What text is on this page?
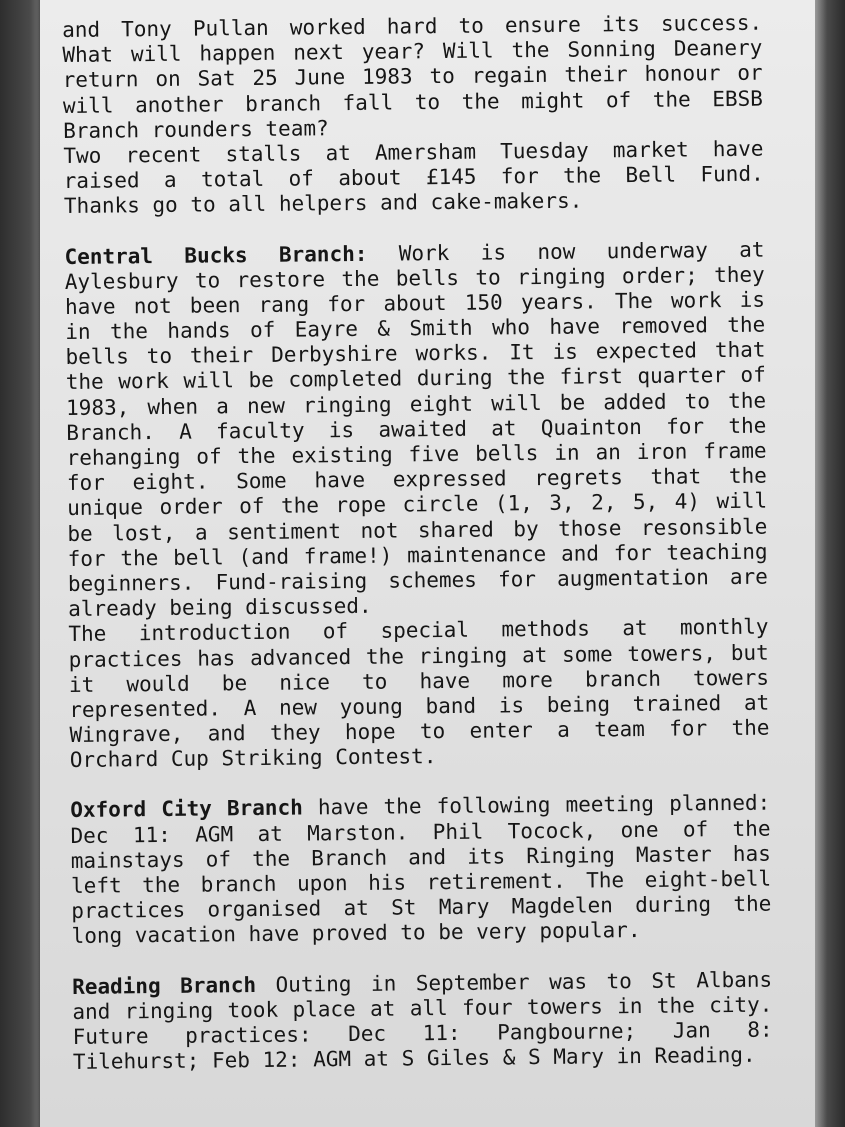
and Tony Pullan worked hard to ensure its success.
What will happen next year? Will the Sonning Deanery
return on Sat 25 June 1983 to regain their honour or
will another branch fall to the might of the EBSB
Branch rounders team?
Two recent stalls at Amersham Tuesday market have
raised a total of about £145 for the Bell Fund.
Thanks go to all helpers and cake-makers.
Central Bucks Branch: Work is now underway at
Aylesbury to restore the bells to ringing order; they
have not been rang for about 150 years. The work is
in the hands of Eayre & Smith who have removed the
bells to their Derbyshire works. It is expected that
the work will be completed during the first quarter of
1983, when a new ringing eight will be added to the
Branch. A faculty is awaited at Quainton for the
rehanging of the existing five bells in an iron frame
for eight. Some have expressed regrets that the
unique order of the rope circle (1, 3, 2, 5, 4) will
be lost, a sentiment not shared by those resonsible
for the bell (and frame!) maintenance and for teaching
beginners. Fund-raising schemes for augmentation are
already being discussed.
The introduction of special methods at monthly
practices has advanced the ringing at some towers, but
it would be nice to have more branch towers
represented. A new young band is being trained at
Wingrave, and they hope to enter a team for the
Orchard Cup Striking Contest.
Oxford City Branch have the following meeting planned:
Dec 11: AGM at Marston. Phil Tocock, one of the
mainstays of the Branch and its Ringing Master has
left the branch upon his retirement. The eight-bell
practices organised at St Mary Magdelen during the
long vacation have proved to be very popular.
Reading Branch Outing in September was to St Albans
and ringing took place at all four towers in the city.
Future practices: Dec 11: Pangbourne; Jan 8:
Tilehurst; Feb 12: AGM at S Giles & S Mary in Reading.
